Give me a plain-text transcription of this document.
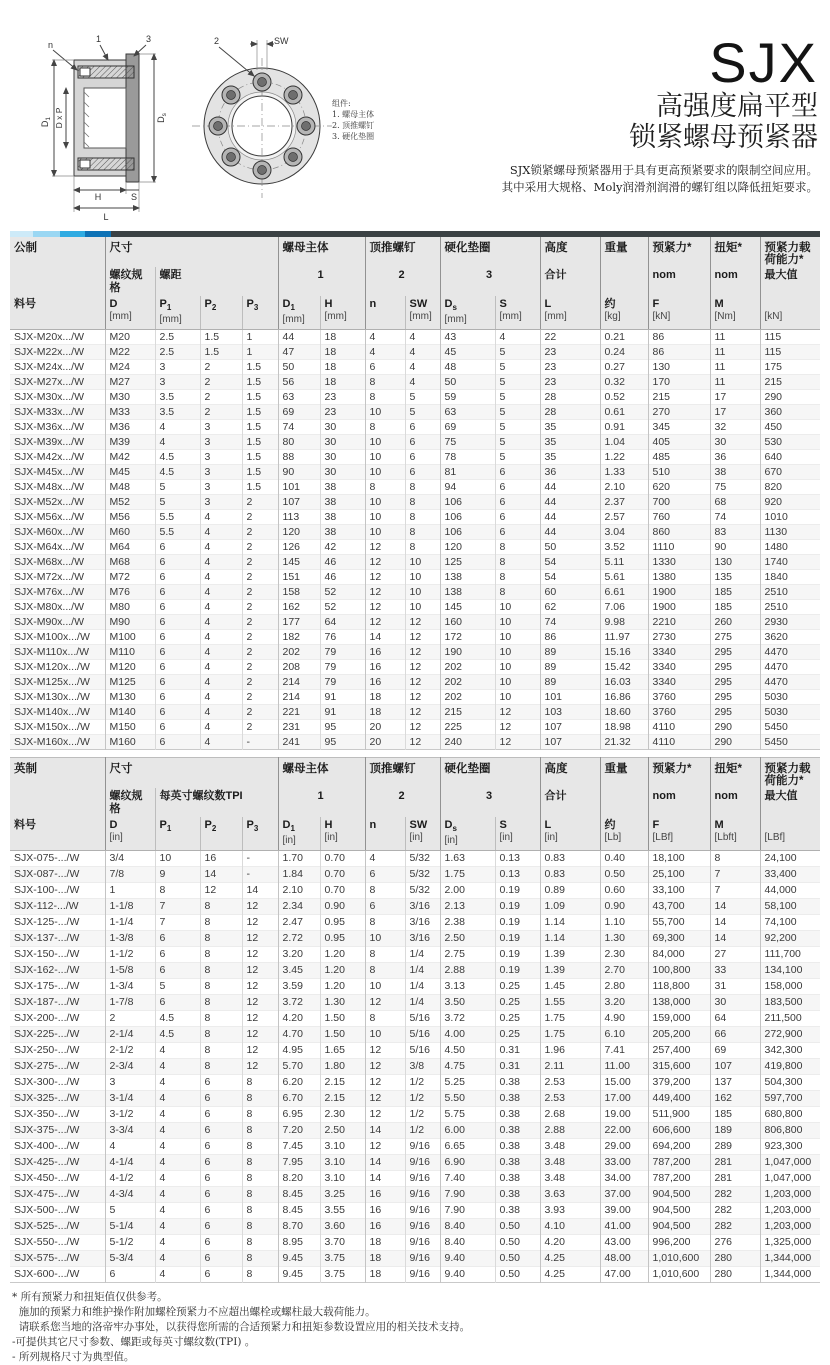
n
1	3
$D_1$ D x P	$D_s$
H	S
L
2	SW
组件:
1. 螺母主体
2. 顶推螺钉
3. 硬化垫圈
SJX
高强度扁平型
锁紧螺母预紧器
SJX锁紧螺母预紧器用于具有更高预紧要求的限制空间应用。
其中采用大规格、Moly润滑剂润滑的螺钉组以降低扭矩要求。
公制	尺寸				螺母主体		顶推螺钉		硬化垫圈		高度	重量	预紧力*	扭矩*	预紧力载
荷能力*

	螺纹规格	螺距			1		2		3		合计		nom	nom	最大值

料号	D
[mm]

$P_1$
[mm]

$P_2$	$P_3$	$D_1$
[mm]

H
[mm]

n	SW
[mm]

$D_s$
[mm]

S
[mm]

L
[mm]

约
[kg]

F
[kN]

M
[Nm]	[kN]

SJX-M20x.../W	M20	2.5	1.5	1	44	18	4	4	43	4	22	0.21	86	11	115
SJX-M22x.../W	M22	2.5	1.5	1	47	18	4	4	45	5	23	0.24	86	11	115
SJX-M24x.../W	M24	3	2	1.5	50	18	6	4	48	5	23	0.27	130	11	175
SJX-M27x.../W	M27	3	2	1.5	56	18	8	4	50	5	23	0.32	170	11	215
SJX-M30x.../W	M30	3.5	2	1.5	63	23	8	5	59	5	28	0.52	215	17	290
SJX-M33x.../W	M33	3.5	2	1.5	69	23	10	5	63	5	28	0.61	270	17	360
SJX-M36x.../W	M36	4	3	1.5	74	30	8	6	69	5	35	0.91	345	32	450
SJX-M39x.../W	M39	4	3	1.5	80	30	10	6	75	5	35	1.04	405	30	530
SJX-M42x.../W	M42	4.5	3	1.5	88	30	10	6	78	5	35	1.22	485	36	640
SJX-M45x.../W	M45	4.5	3	1.5	90	30	10	6	81	6	36	1.33	510	38	670
SJX-M48x.../W	M48	5	3	1.5	101	38	8	8	94	6	44	2.10	620	75	820
SJX-M52x.../W	M52	5	3	2	107	38	10	8	106	6	44	2.37	700	68	920
SJX-M56x.../W	M56	5.5	4	2	113	38	10	8	106	6	44	2.57	760	74	1010
SJX-M60x.../W	M60	5.5	4	2	120	38	10	8	106	6	44	3.04	860	83	1130
SJX-M64x.../W	M64	6	4	2	126	42	12	8	120	8	50	3.52	1110	90	1480
SJX-M68x.../W	M68	6	4	2	145	46	12	10	125	8	54	5.11	1330	130	1740
SJX-M72x.../W	M72	6	4	2	151	46	12	10	138	8	54	5.61	1380	135	1840
SJX-M76x.../W	M76	6	4	2	158	52	12	10	138	8	60	6.61	1900	185	2510
SJX-M80x.../W	M80	6	4	2	162	52	12	10	145	10	62	7.06	1900	185	2510
SJX-M90x.../W	M90	6	4	2	177	64	12	12	160	10	74	9.98	2210	260	2930
SJX-M100x.../W	M100	6	4	2	182	76	14	12	172	10	86	11.97	2730	275	3620
SJX-M110x.../W	M110	6	4	2	202	79	16	12	190	10	89	15.16	3340	295	4470
SJX-M120x.../W	M120	6	4	2	208	79	16	12	202	10	89	15.42	3340	295	4470
SJX-M125x.../W	M125	6	4	2	214	79	16	12	202	10	89	16.03	3340	295	4470
SJX-M130x.../W	M130	6	4	2	214	91	18	12	202	10	101	16.86	3760	295	5030
SJX-M140x.../W	M140	6	4	2	221	91	18	12	215	12	103	18.60	3760	295	5030
SJX-M150x.../W	M150	6	4	2	231	95	20	12	225	12	107	18.98	4110	290	5450
SJX-M160x.../W	M160	6	4	-	241	95	20	12	240	12	107	21.32	4110	290	5450
英制	尺寸				螺母主体		顶推螺钉		硬化垫圈		高度	重量	预紧力*	扭矩*	预紧力载
荷能力*

	螺纹规格	每英寸螺纹数TPI			1		2		3		合计		nom	nom	最大值

料号	D
[in]

$P_1$	$P_2$	$P_3$	$D_1$
[in]

H
[in]

n	SW
[in]

$D_s$
[in]

S
[in]

L
[in]

约
[Lb]

F
[LBf]

M
[Lbft]	[LBf]

SJX-075-.../W	3/4	10	16	-	1.70	0.70	4	5/32	1.63	0.13	0.83	0.40	18,100	8	24,100
SJX-087-.../W	7/8	9	14	-	1.84	0.70	6	5/32	1.75	0.13	0.83	0.50	25,100	7	33,400
SJX-100-.../W	1	8	12	14	2.10	0.70	8	5/32	2.00	0.19	0.89	0.60	33,100	7	44,000
SJX-112-.../W	1-1/8	7	8	12	2.34	0.90	6	3/16	2.13	0.19	1.09	0.90	43,700	14	58,100
SJX-125-.../W	1-1/4	7	8	12	2.47	0.95	8	3/16	2.38	0.19	1.14	1.10	55,700	14	74,100
SJX-137-.../W	1-3/8	6	8	12	2.72	0.95	10	3/16	2.50	0.19	1.14	1.30	69,300	14	92,200
SJX-150-.../W	1-1/2	6	8	12	3.20	1.20	8	1/4	2.75	0.19	1.39	2.30	84,000	27	111,700
SJX-162-.../W	1-5/8	6	8	12	3.45	1.20	8	1/4	2.88	0.19	1.39	2.70	100,800	33	134,100
SJX-175-.../W	1-3/4	5	8	12	3.59	1.20	10	1/4	3.13	0.25	1.45	2.80	118,800	31	158,000
SJX-187-.../W	1-7/8	6	8	12	3.72	1.30	12	1/4	3.50	0.25	1.55	3.20	138,000	30	183,500
SJX-200-.../W	2	4.5	8	12	4.20	1.50	8	5/16	3.72	0.25	1.75	4.90	159,000	64	211,500
SJX-225-.../W	2-1/4	4.5	8	12	4.70	1.50	10	5/16	4.00	0.25	1.75	6.10	205,200	66	272,900
SJX-250-.../W	2-1/2	4	8	12	4.95	1.65	12	5/16	4.50	0.31	1.96	7.41	257,400	69	342,300
SJX-275-.../W	2-3/4	4	8	12	5.70	1.80	12	3/8	4.75	0.31	2.11	11.00	315,600	107	419,800
SJX-300-.../W	3	4	6	8	6.20	2.15	12	1/2	5.25	0.38	2.53	15.00	379,200	137	504,300
SJX-325-.../W	3-1/4	4	6	8	6.70	2.15	12	1/2	5.50	0.38	2.53	17.00	449,400	162	597,700
SJX-350-.../W	3-1/2	4	6	8	6.95	2.30	12	1/2	5.75	0.38	2.68	19.00	511,900	185	680,800
SJX-375-.../W	3-3/4	4	6	8	7.20	2.50	14	1/2	6.00	0.38	2.88	22.00	606,600	189	806,800
SJX-400-.../W	4	4	6	8	7.45	3.10	12	9/16	6.65	0.38	3.48	29.00	694,200	289	923,300
SJX-425-.../W	4-1/4	4	6	8	7.95	3.10	14	9/16	6.90	0.38	3.48	33.00	787,200	281	1,047,000
SJX-450-.../W	4-1/2	4	6	8	8.20	3.10	14	9/16	7.40	0.38	3.48	34.00	787,200	281	1,047,000
SJX-475-.../W	4-3/4	4	6	8	8.45	3.25	16	9/16	7.90	0.38	3.63	37.00	904,500	282	1,203,000
SJX-500-.../W	5	4	6	8	8.45	3.55	16	9/16	7.90	0.38	3.93	39.00	904,500	282	1,203,000
SJX-525-.../W	5-1/4	4	6	8	8.70	3.60	16	9/16	8.40	0.50	4.10	41.00	904,500	282	1,203,000
SJX-550-.../W	5-1/2	4	6	8	8.95	3.70	18	9/16	8.40	0.50	4.20	43.00	996,200	276	1,325,000
SJX-575-.../W	5-3/4	4	6	8	9.45	3.75	18	9/16	9.40	0.50	4.25	48.00	1,010,600	280	1,344,000
SJX-600-.../W	6	4	6	8	9.45	3.75	18	9/16	9.40	0.50	4.25	47.00	1,010,600	280	1,344,000
* 所有预紧力和扭矩值仅供参考。
施加的预紧力和维护操作附加螺栓预紧力不应超出螺栓或螺柱最大载荷能力。
请联系您当地的洛帝牢办事处，以获得您所需的合适预紧力和扭矩参数设置应用的相关技术支持。
-可提供其它尺寸参数、螺距或每英寸螺纹数(TPI) 。
- 所列规格尺寸为典型值。
